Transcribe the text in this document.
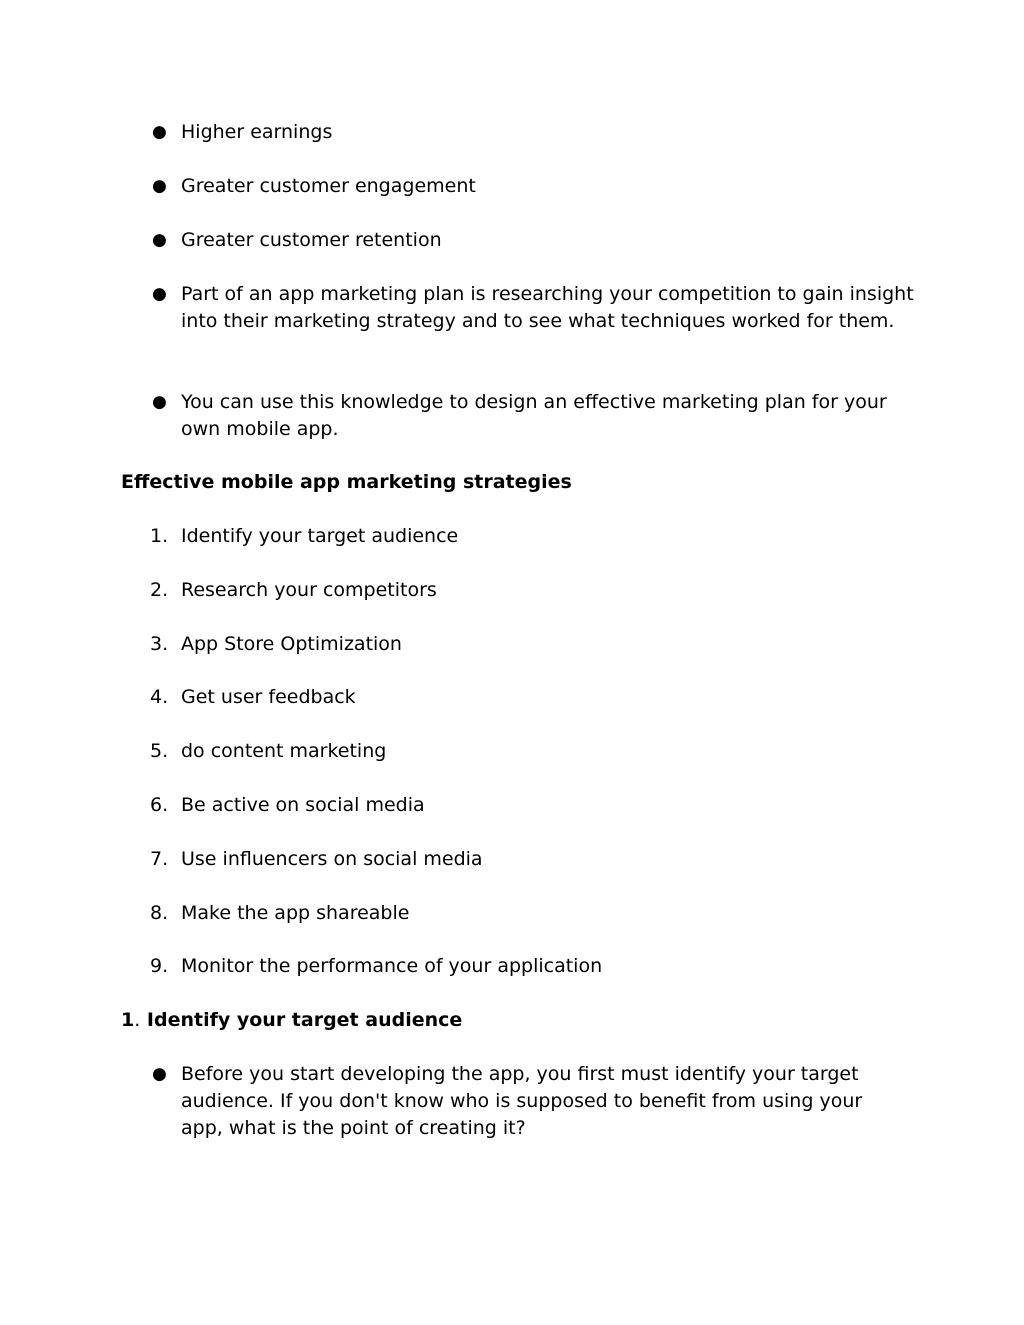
● Higher earnings
● Greater customer engagement
● Greater customer retention
● Part of an app marketing plan is researching your competition to gain insight into their marketing strategy and to see what techniques worked for them.
● You can use this knowledge to design an effective marketing plan for your own mobile app.
Effective mobile app marketing strategies
1. Identify your target audience
2. Research your competitors
3. App Store Optimization
4. Get user feedback
5. do content marketing
6. Be active on social media
7. Use influencers on social media
8. Make the app shareable
9. Monitor the performance of your application
1. Identify your target audience
● Before you start developing the app, you first must identify your target audience. If you don't know who is supposed to benefit from using your app, what is the point of creating it?
